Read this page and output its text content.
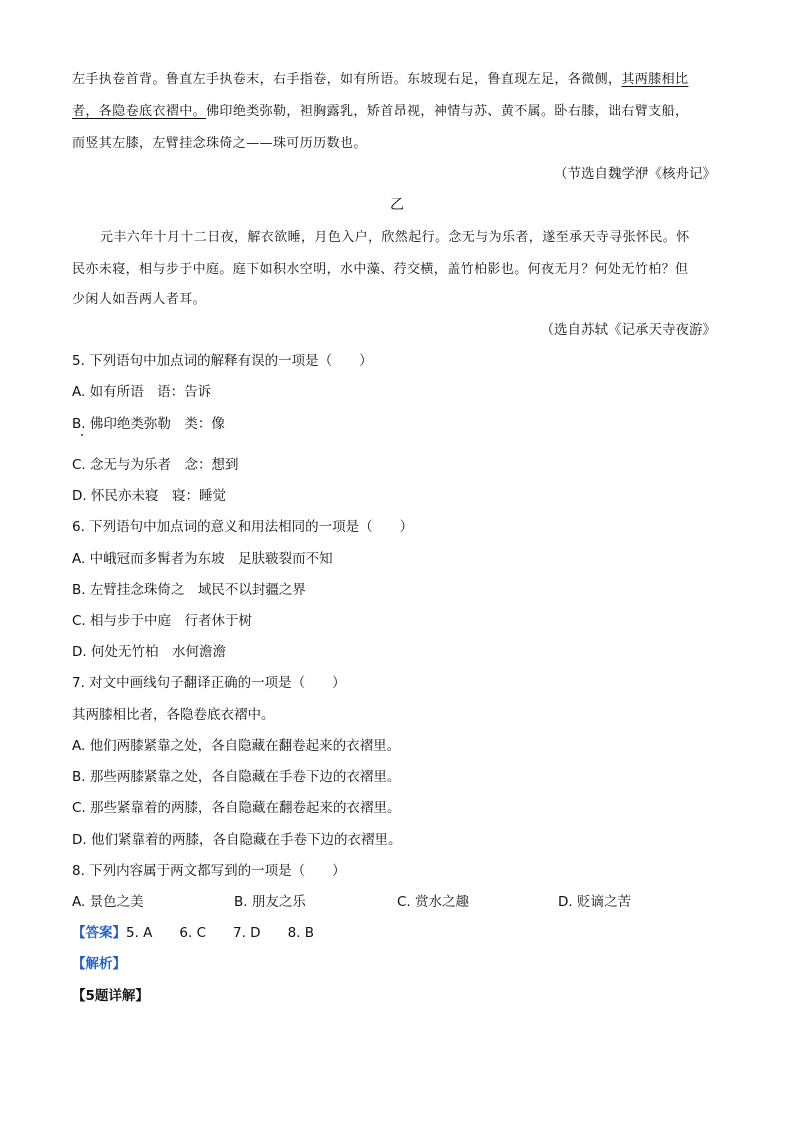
左手执卷首背。鲁直左手执卷末，右手指卷，如有所语。东坡现右足，鲁直现左足，各微侧，其两膝相比
者，各隐卷底衣褶中。佛印绝类弥勒，袒胸露乳，矫首昂视，神情与苏、黄不属。卧右膝，诎右臂支船，
而竖其左膝，左臂挂念珠倚之——珠可历历数也。
（节选自魏学洢《核舟记》
乙
元丰六年十月十二日夜，解衣欲睡，月色入户，欣然起行。念无与为乐者，遂至承天寺寻张怀民。怀
民亦未寝，相与步于中庭。庭下如积水空明，水中藻、荇交横，盖竹柏影也。何夜无月？何处无竹柏？但
少闲人如吾两人者耳。
（选自苏轼《记承天寺夜游》
5. 下列语句中加点词的解释有误的一项是（　　）
A. 如有所语　语：告诉
B. 佛印绝类弥勒　类：像
C. 念无与为乐者　念：想到
D. 怀民亦未寝　寝：睡觉
6. 下列语句中加点词的意义和用法相同的一项是（　　）
A. 中峨冠而多髯者为东坡　足肤皲裂而不知
B. 左臂挂念珠倚之　域民不以封疆之界
C. 相与步于中庭　行者休于树
D. 何处无竹柏　水何澹澹
7. 对文中画线句子翻译正确的一项是（　　）
其两膝相比者，各隐卷底衣褶中。
A. 他们两膝紧靠之处，各自隐藏在翻卷起来的衣褶里。
B. 那些两膝紧靠之处，各自隐藏在手卷下边的衣褶里。
C. 那些紧靠着的两膝，各自隐藏在翻卷起来的衣褶里。
D. 他们紧靠着的两膝，各自隐藏在手卷下边的衣褶里。
8. 下列内容属于两文都写到的一项是（　　）
A. 景色之美	B. 朋友之乐	C. 赏水之趣	D. 贬谪之苦
【答案】5. A　　6. C　　7. D　　8. B
【解析】
【5题详解】
